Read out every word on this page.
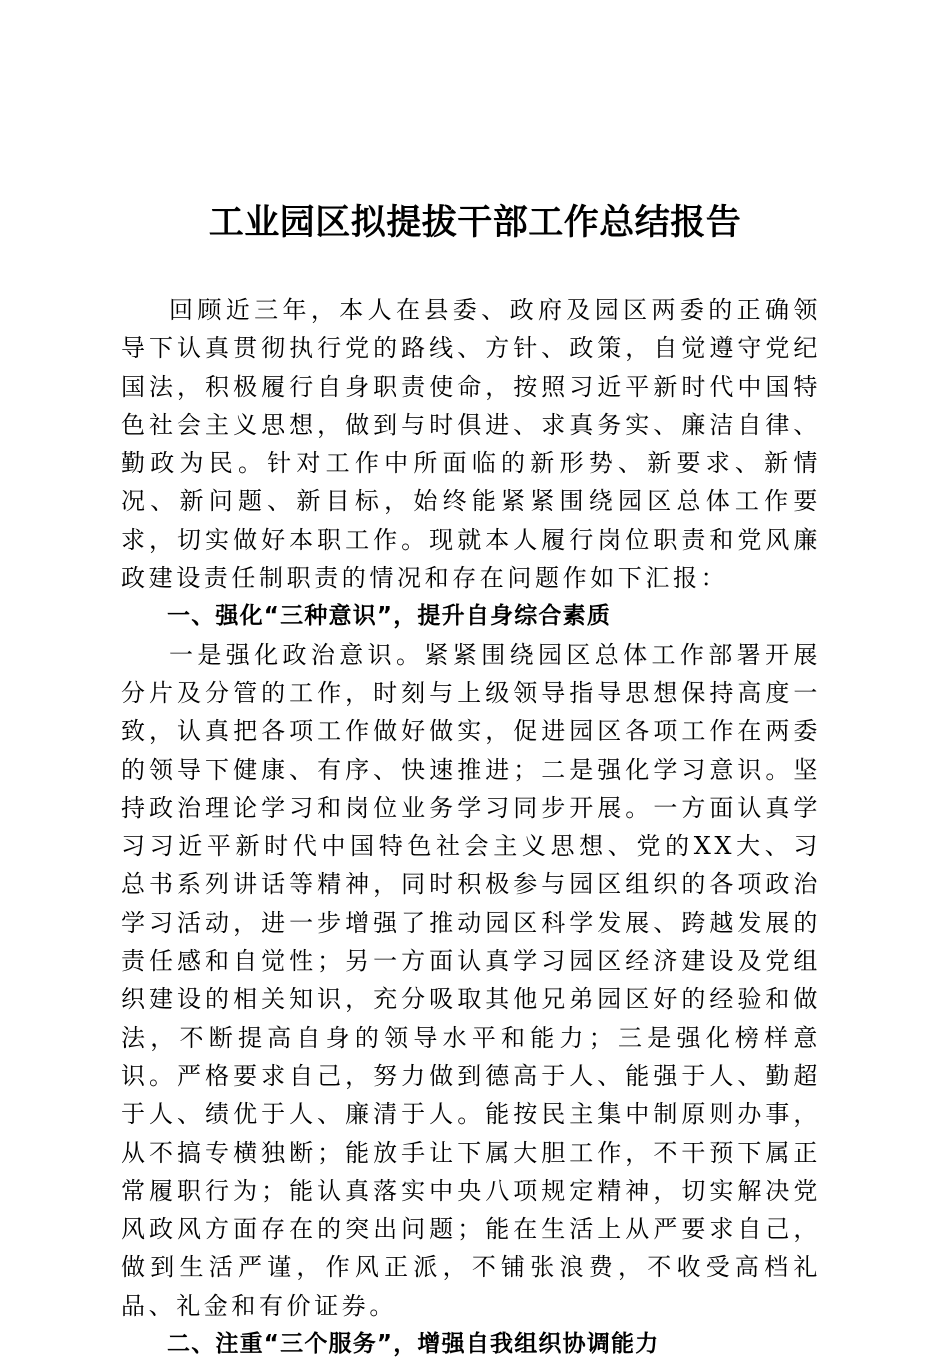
工业园区拟提拔干部工作总结报告

回顾近三年，本人在县委、政府及园区两委的正确领导下认真贯彻执行党的路线、方针、政策，自觉遵守党纪国法，积极履行自身职责使命，按照习近平新时代中国特色社会主义思想，做到与时俱进、求真务实、廉洁自律、勤政为民。针对工作中所面临的新形势、新要求、新情况、新问题、新目标，始终能紧紧围绕园区总体工作要求，切实做好本职工作。现就本人履行岗位职责和党风廉政建设责任制职责的情况和存在问题作如下汇报：

一、强化“三种意识”，提升自身综合素质

一是强化政治意识。紧紧围绕园区总体工作部署开展分片及分管的工作，时刻与上级领导指导思想保持高度一致，认真把各项工作做好做实，促进园区各项工作在两委的领导下健康、有序、快速推进；二是强化学习意识。坚持政治理论学习和岗位业务学习同步开展。一方面认真学习习近平新时代中国特色社会主义思想、党的XX大、习总书系列讲话等精神，同时积极参与园区组织的各项政治学习活动，进一步增强了推动园区科学发展、跨越发展的责任感和自觉性；另一方面认真学习园区经济建设及党组织建设的相关知识，充分吸取其他兄弟园区好的经验和做法，不断提高自身的领导水平和能力；三是强化榜样意识。严格要求自己，努力做到德高于人、能强于人、勤超于人、绩优于人、廉清于人。能按民主集中制原则办事，从不搞专横独断；能放手让下属大胆工作，不干预下属正常履职行为；能认真落实中央八项规定精神，切实解决党风政风方面存在的突出问题；能在生活上从严要求自己，做到生活严谨，作风正派，不铺张浪费，不收受高档礼品、礼金和有价证券。

二、注重“三个服务”，增强自我组织协调能力
